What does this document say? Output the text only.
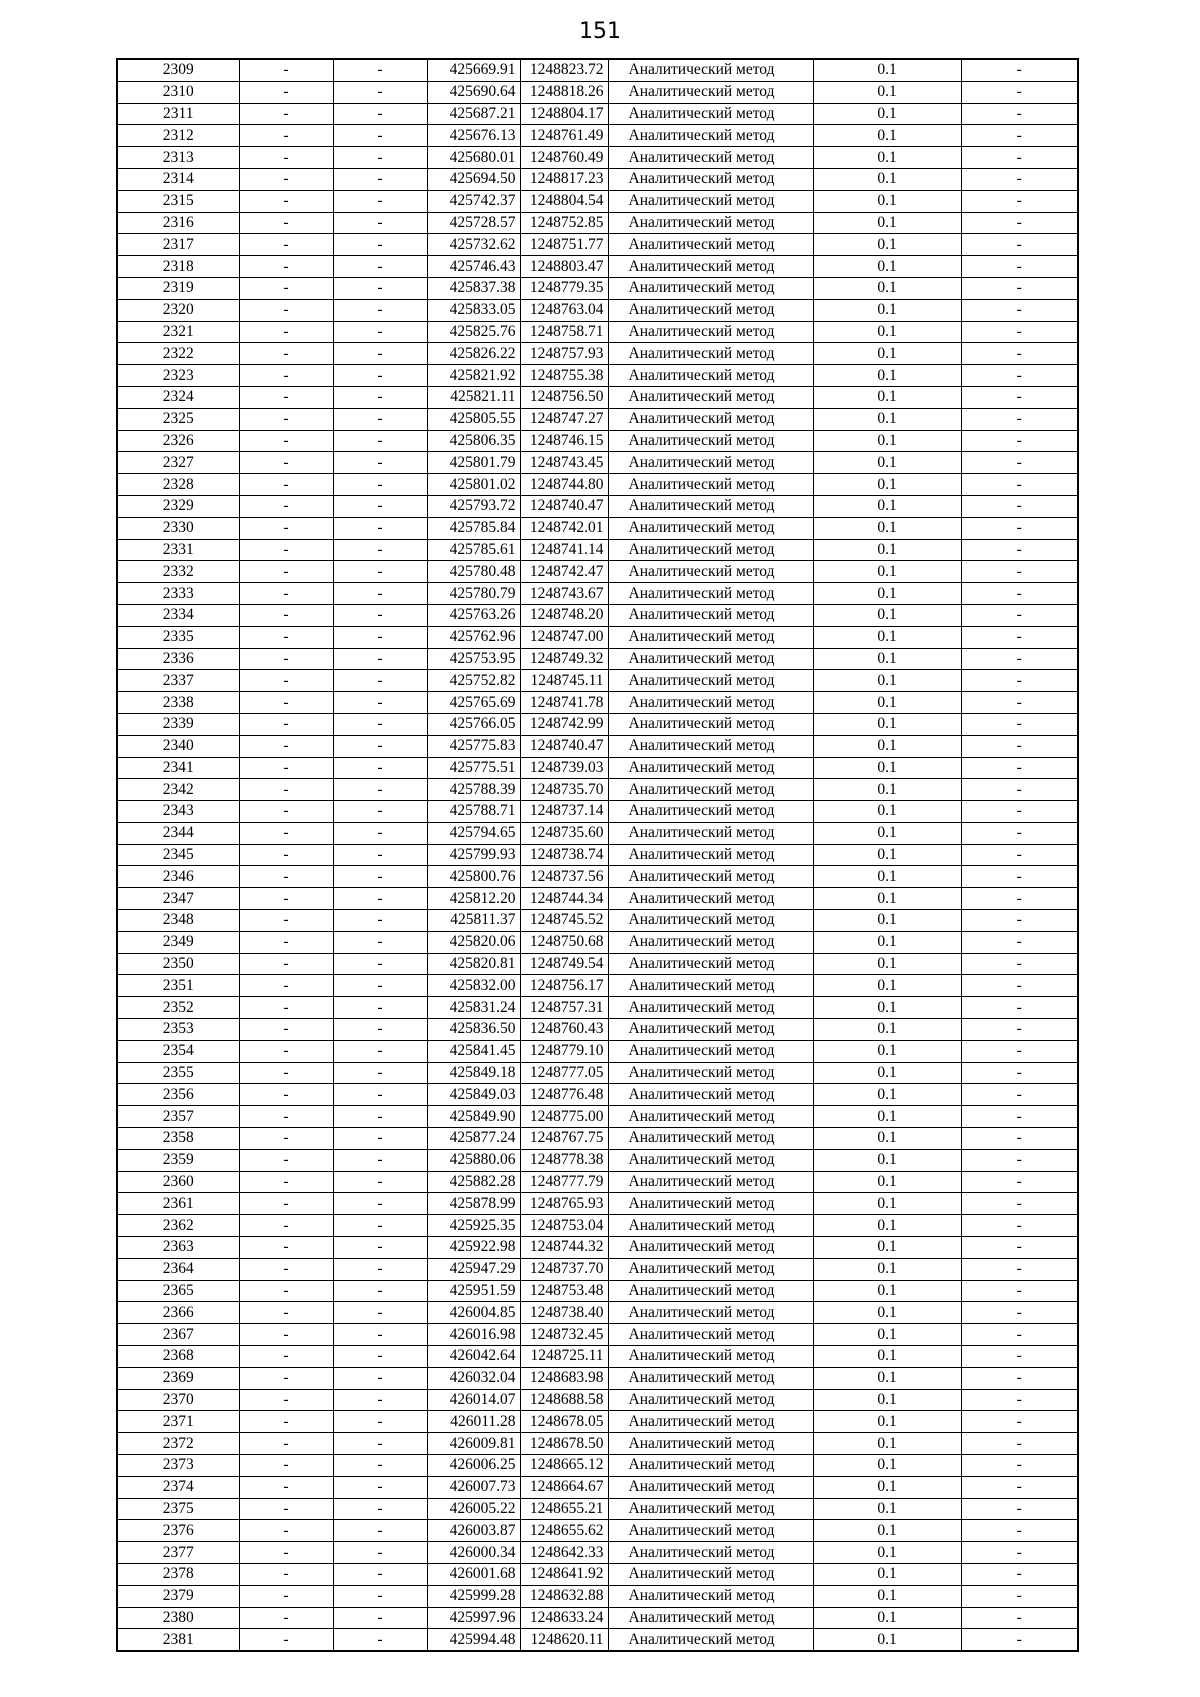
151
2309	-	-	425669.91	1248823.72	Аналитический метод	0.1	-
2310	-	-	425690.64	1248818.26	Аналитический метод	0.1	-
2311	-	-	425687.21	1248804.17	Аналитический метод	0.1	-
2312	-	-	425676.13	1248761.49	Аналитический метод	0.1	-
2313	-	-	425680.01	1248760.49	Аналитический метод	0.1	-
2314	-	-	425694.50	1248817.23	Аналитический метод	0.1	-
2315	-	-	425742.37	1248804.54	Аналитический метод	0.1	-
2316	-	-	425728.57	1248752.85	Аналитический метод	0.1	-
2317	-	-	425732.62	1248751.77	Аналитический метод	0.1	-
2318	-	-	425746.43	1248803.47	Аналитический метод	0.1	-
2319	-	-	425837.38	1248779.35	Аналитический метод	0.1	-
2320	-	-	425833.05	1248763.04	Аналитический метод	0.1	-
2321	-	-	425825.76	1248758.71	Аналитический метод	0.1	-
2322	-	-	425826.22	1248757.93	Аналитический метод	0.1	-
2323	-	-	425821.92	1248755.38	Аналитический метод	0.1	-
2324	-	-	425821.11	1248756.50	Аналитический метод	0.1	-
2325	-	-	425805.55	1248747.27	Аналитический метод	0.1	-
2326	-	-	425806.35	1248746.15	Аналитический метод	0.1	-
2327	-	-	425801.79	1248743.45	Аналитический метод	0.1	-
2328	-	-	425801.02	1248744.80	Аналитический метод	0.1	-
2329	-	-	425793.72	1248740.47	Аналитический метод	0.1	-
2330	-	-	425785.84	1248742.01	Аналитический метод	0.1	-
2331	-	-	425785.61	1248741.14	Аналитический метод	0.1	-
2332	-	-	425780.48	1248742.47	Аналитический метод	0.1	-
2333	-	-	425780.79	1248743.67	Аналитический метод	0.1	-
2334	-	-	425763.26	1248748.20	Аналитический метод	0.1	-
2335	-	-	425762.96	1248747.00	Аналитический метод	0.1	-
2336	-	-	425753.95	1248749.32	Аналитический метод	0.1	-
2337	-	-	425752.82	1248745.11	Аналитический метод	0.1	-
2338	-	-	425765.69	1248741.78	Аналитический метод	0.1	-
2339	-	-	425766.05	1248742.99	Аналитический метод	0.1	-
2340	-	-	425775.83	1248740.47	Аналитический метод	0.1	-
2341	-	-	425775.51	1248739.03	Аналитический метод	0.1	-
2342	-	-	425788.39	1248735.70	Аналитический метод	0.1	-
2343	-	-	425788.71	1248737.14	Аналитический метод	0.1	-
2344	-	-	425794.65	1248735.60	Аналитический метод	0.1	-
2345	-	-	425799.93	1248738.74	Аналитический метод	0.1	-
2346	-	-	425800.76	1248737.56	Аналитический метод	0.1	-
2347	-	-	425812.20	1248744.34	Аналитический метод	0.1	-
2348	-	-	425811.37	1248745.52	Аналитический метод	0.1	-
2349	-	-	425820.06	1248750.68	Аналитический метод	0.1	-
2350	-	-	425820.81	1248749.54	Аналитический метод	0.1	-
2351	-	-	425832.00	1248756.17	Аналитический метод	0.1	-
2352	-	-	425831.24	1248757.31	Аналитический метод	0.1	-
2353	-	-	425836.50	1248760.43	Аналитический метод	0.1	-
2354	-	-	425841.45	1248779.10	Аналитический метод	0.1	-
2355	-	-	425849.18	1248777.05	Аналитический метод	0.1	-
2356	-	-	425849.03	1248776.48	Аналитический метод	0.1	-
2357	-	-	425849.90	1248775.00	Аналитический метод	0.1	-
2358	-	-	425877.24	1248767.75	Аналитический метод	0.1	-
2359	-	-	425880.06	1248778.38	Аналитический метод	0.1	-
2360	-	-	425882.28	1248777.79	Аналитический метод	0.1	-
2361	-	-	425878.99	1248765.93	Аналитический метод	0.1	-
2362	-	-	425925.35	1248753.04	Аналитический метод	0.1	-
2363	-	-	425922.98	1248744.32	Аналитический метод	0.1	-
2364	-	-	425947.29	1248737.70	Аналитический метод	0.1	-
2365	-	-	425951.59	1248753.48	Аналитический метод	0.1	-
2366	-	-	426004.85	1248738.40	Аналитический метод	0.1	-
2367	-	-	426016.98	1248732.45	Аналитический метод	0.1	-
2368	-	-	426042.64	1248725.11	Аналитический метод	0.1	-
2369	-	-	426032.04	1248683.98	Аналитический метод	0.1	-
2370	-	-	426014.07	1248688.58	Аналитический метод	0.1	-
2371	-	-	426011.28	1248678.05	Аналитический метод	0.1	-
2372	-	-	426009.81	1248678.50	Аналитический метод	0.1	-
2373	-	-	426006.25	1248665.12	Аналитический метод	0.1	-
2374	-	-	426007.73	1248664.67	Аналитический метод	0.1	-
2375	-	-	426005.22	1248655.21	Аналитический метод	0.1	-
2376	-	-	426003.87	1248655.62	Аналитический метод	0.1	-
2377	-	-	426000.34	1248642.33	Аналитический метод	0.1	-
2378	-	-	426001.68	1248641.92	Аналитический метод	0.1	-
2379	-	-	425999.28	1248632.88	Аналитический метод	0.1	-
2380	-	-	425997.96	1248633.24	Аналитический метод	0.1	-
2381	-	-	425994.48	1248620.11	Аналитический метод	0.1	-
